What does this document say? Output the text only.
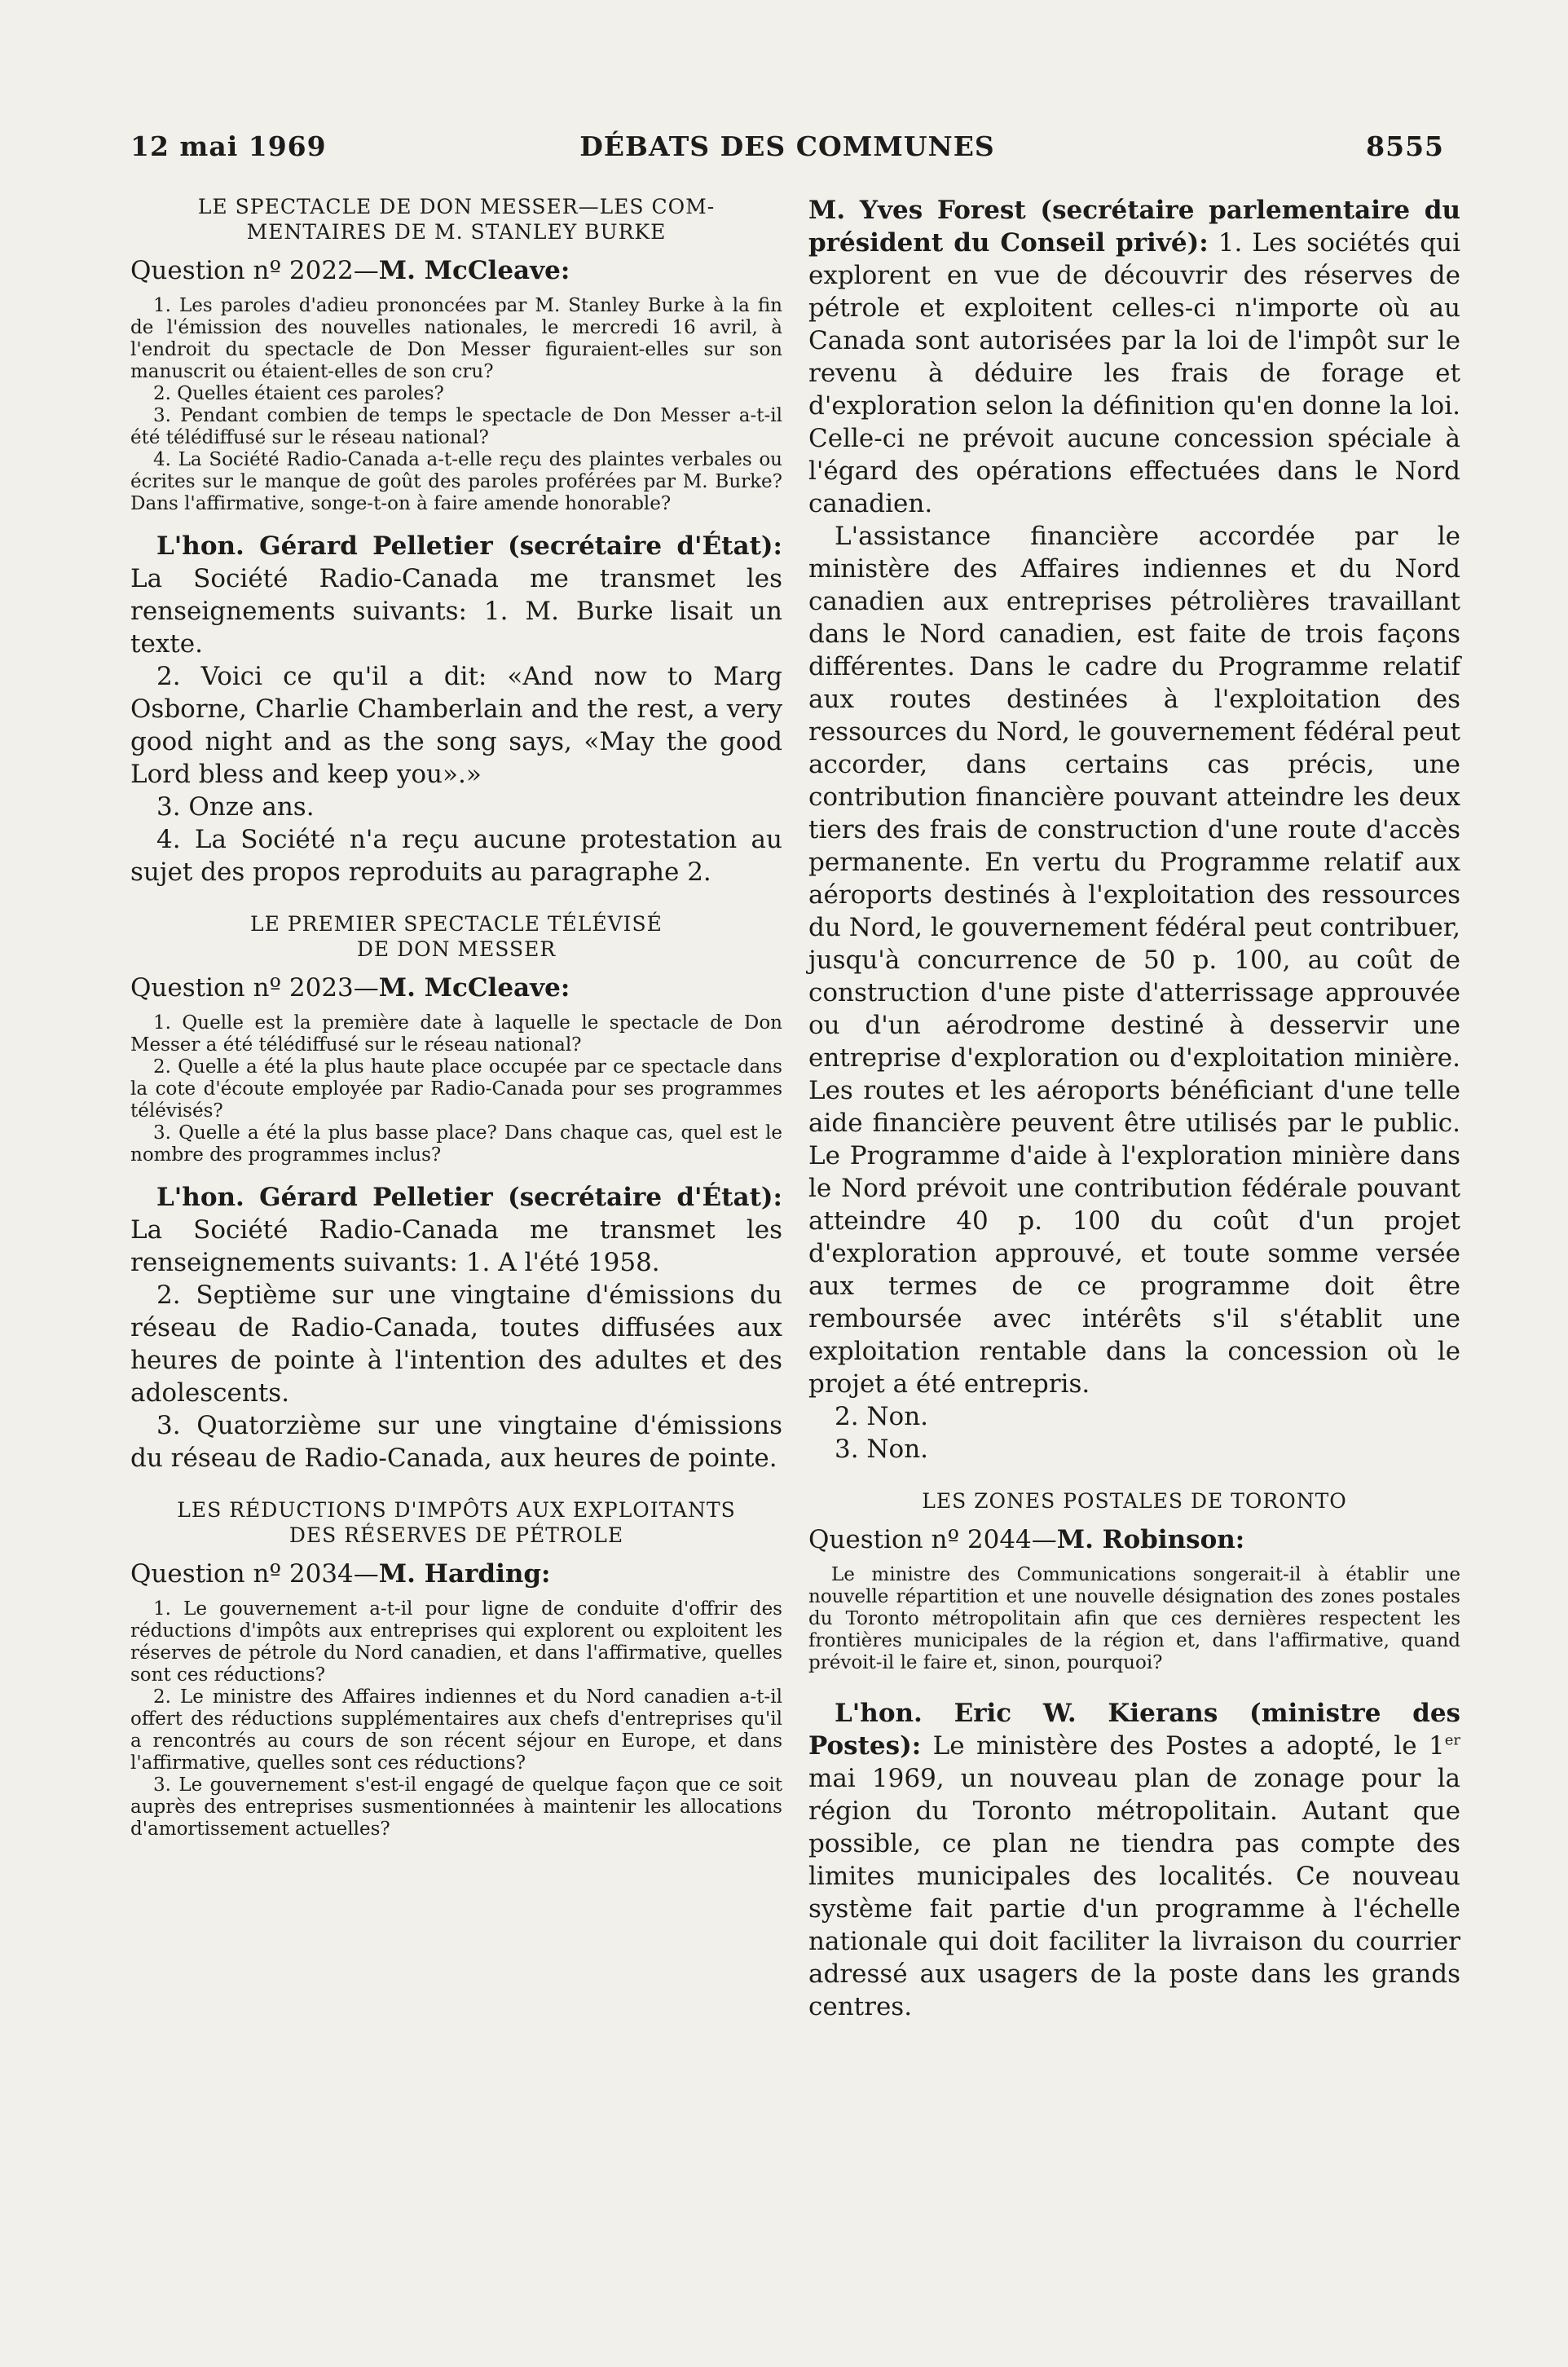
DÉBATS DES COMMUNES
12 mai 1969	8555
LE SPECTACLE DE DON MESSER—LES COM-
MENTAIRES DE M. STANLEY BURKE

Question nº 2022—M. McCleave:

1. Les paroles d'adieu prononcées par M. Stanley Burke à la fin de l'émission des nouvelles nationales, le mercredi 16 avril, à l'endroit du spectacle de Don Messer figuraient-elles sur son manuscrit ou étaient-elles de son cru?

2. Quelles étaient ces paroles?

3. Pendant combien de temps le spectacle de Don Messer a-t-il été télédiffusé sur le réseau national?

4. La Société Radio-Canada a-t-elle reçu des plaintes verbales ou écrites sur le manque de goût des paroles proférées par M. Burke? Dans l'affirmative, songe-t-on à faire amende honorable?

L'hon. Gérard Pelletier (secrétaire d'État): La Société Radio-Canada me transmet les renseignements suivants: 1. M. Burke lisait un texte.

2. Voici ce qu'il a dit: «And now to Marg Osborne, Charlie Chamberlain and the rest, a very good night and as the song says, «May the good Lord bless and keep you».»

3. Onze ans.

4. La Société n'a reçu aucune protestation au sujet des propos reproduits au paragraphe 2.

LE PREMIER SPECTACLE TÉLÉVISÉ
DE DON MESSER

Question nº 2023—M. McCleave:

1. Quelle est la première date à laquelle le spectacle de Don Messer a été télédiffusé sur le réseau national?

2. Quelle a été la plus haute place occupée par ce spectacle dans la cote d'écoute employée par Radio-Canada pour ses programmes télévisés?

3. Quelle a été la plus basse place? Dans chaque cas, quel est le nombre des programmes inclus?

L'hon. Gérard Pelletier (secrétaire d'État): La Société Radio-Canada me transmet les renseignements suivants: 1. A l'été 1958.

2. Septième sur une vingtaine d'émissions du réseau de Radio-Canada, toutes diffusées aux heures de pointe à l'intention des adultes et des adolescents.

3. Quatorzième sur une vingtaine d'émissions du réseau de Radio-Canada, aux heures de pointe.

LES RÉDUCTIONS D'IMPÔTS AUX EXPLOITANTS
DES RÉSERVES DE PÉTROLE

Question nº 2034—M. Harding:

1. Le gouvernement a-t-il pour ligne de conduite d'offrir des réductions d'impôts aux entreprises qui explorent ou exploitent les réserves de pétrole du Nord canadien, et dans l'affirmative, quelles sont ces réductions?

2. Le ministre des Affaires indiennes et du Nord canadien a-t-il offert des réductions supplémentaires aux chefs d'entreprises qu'il a rencontrés au cours de son récent séjour en Europe, et dans l'affirmative, quelles sont ces réductions?

3. Le gouvernement s'est-il engagé de quelque façon que ce soit auprès des entreprises susmentionnées à maintenir les allocations d'amortissement actuelles?

M. Yves Forest (secrétaire parlementaire du président du Conseil privé): 1. Les sociétés qui explorent en vue de découvrir des réserves de pétrole et exploitent celles-ci n'importe où au Canada sont autorisées par la loi de l'impôt sur le revenu à déduire les frais de forage et d'exploration selon la définition qu'en donne la loi. Celle-ci ne prévoit aucune concession spéciale à l'égard des opérations effectuées dans le Nord canadien.

L'assistance financière accordée par le ministère des Affaires indiennes et du Nord canadien aux entreprises pétrolières travaillant dans le Nord canadien, est faite de trois façons différentes. Dans le cadre du Programme relatif aux routes destinées à l'exploitation des ressources du Nord, le gouvernement fédéral peut accorder, dans certains cas précis, une contribution financière pouvant atteindre les deux tiers des frais de construction d'une route d'accès permanente. En vertu du Programme relatif aux aéroports destinés à l'exploitation des ressources du Nord, le gouvernement fédéral peut contribuer, jusqu'à concurrence de 50 p. 100, au coût de construction d'une piste d'atterrissage approuvée ou d'un aérodrome destiné à desservir une entreprise d'exploration ou d'exploitation minière. Les routes et les aéroports bénéficiant d'une telle aide financière peuvent être utilisés par le public. Le Programme d'aide à l'exploration minière dans le Nord prévoit une contribution fédérale pouvant atteindre 40 p. 100 du coût d'un projet d'exploration approuvé, et toute somme versée aux termes de ce programme doit être remboursée avec intérêts s'il s'établit une exploitation rentable dans la concession où le projet a été entrepris.

2. Non.

3. Non.

LES ZONES POSTALES DE TORONTO

Question nº 2044—M. Robinson:

Le ministre des Communications songerait-il à établir une nouvelle répartition et une nouvelle désignation des zones postales du Toronto métropolitain afin que ces dernières respectent les frontières municipales de la région et, dans l'affirmative, quand prévoit-il le faire et, sinon, pourquoi?

L'hon. Eric W. Kierans (ministre des Postes): Le ministère des Postes a adopté, le 1er mai 1969, un nouveau plan de zonage pour la région du Toronto métropolitain. Autant que possible, ce plan ne tiendra pas compte des limites municipales des localités. Ce nouveau système fait partie d'un programme à l'échelle nationale qui doit faciliter la livraison du courrier adressé aux usagers de la poste dans les grands centres.
